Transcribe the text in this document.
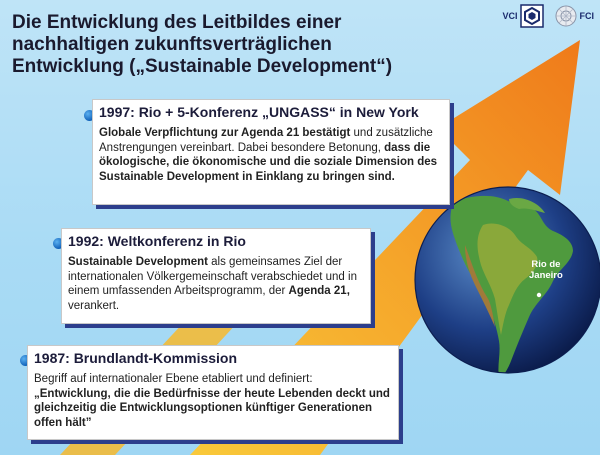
Die Entwicklung des Leitbildes einer
nachhaltigen zukunftsverträglichen
Entwicklung („Sustainable Development“)
VCI	FCI
Rio de
Janeiro
1997: Rio + 5-Konferenz „UNGASS“ in New York

Globale Verpflichtung zur Agenda 21 bestätigt und zusätzliche Anstrengungen vereinbart. Dabei besondere Betonung, dass die ökologische, die ökonomische und die soziale Dimension des Sustainable Development in Einklang zu bringen sind.

1992: Weltkonferenz in Rio

Sustainable Development als gemeinsames Ziel der internationalen Völkergemeinschaft verabschiedet und in einem umfassenden Arbeitsprogramm, der Agenda 21, verankert.

1987: Brundlandt-Kommission

Begriff auf internationaler Ebene etabliert und definiert:
„Entwicklung, die die Bedürfnisse der heute Lebenden deckt und gleichzeitig die Entwicklungsoptionen künftiger Generationen offen hält”
